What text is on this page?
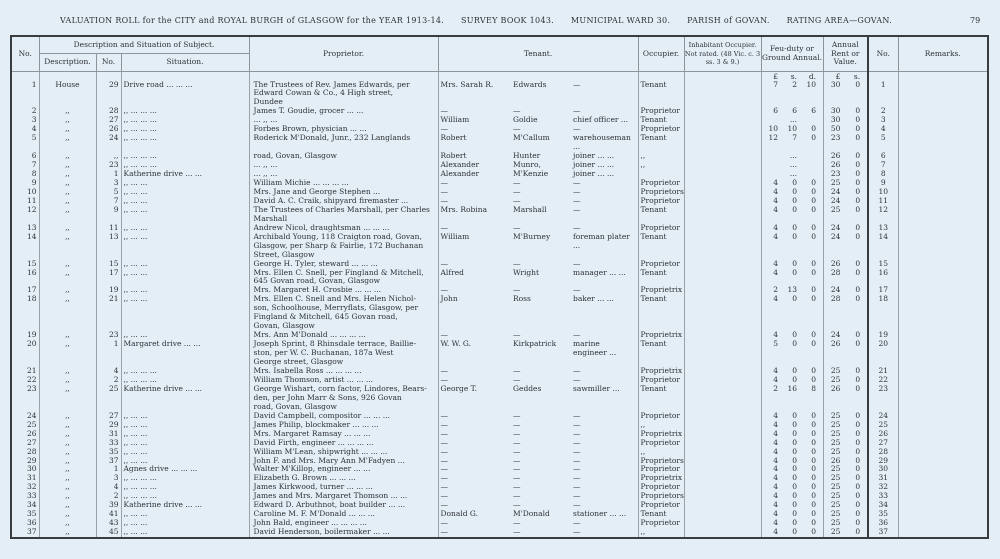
VALUATION ROLL for the CITY and ROYAL BURGH of GLASGOW for the YEAR 1913-14. SURVEY BOOK 1043. MUNICIPAL WARD 30. PARISH of GOVAN. RATING AREA—GOVAN.	79
No.	Description and Situation of Subject.			Proprietor.	Tenant.			Occupier.	Inhabitant Occupier. Not rated. (48 Vic. c. 3 ss. 3 & 9.)	Feu-duty or Ground Annual.	Annual Rent or Value.	No.	Remarks.
	Description.	No.	Situation.										

										£ s. d.	£ s.		

1	House	29	Drive road ... ... ...	The Trustees of Rev. James Edwards, per
Edward Cowan & Co., 4 High street,
Dundee	Mrs. Sarah R.	Edwards	—	Tenant		7 2 10	30 0	1	
2	,,	28	,, ... ... ...	James T. Goudie, grocer ... ...	—	—	—	Proprietor		6 6 6	30 0	2	
3	,,	27	,, ... ... ...	... ,, ...	William	Goldie	chief officer ...	Tenant		...	30 0	3	
4	,,	26	,, ... ... ...	Forbes Brown, physician ... ...	—	—	—	Proprietor		10 10 0	50 0	4	
5	,,	24	,, ... ... ...	Roderick M'Donald, Junr., 232 Langlands	Robert	M'Callum	warehouseman ...	Tenant		12 7 0	23 0	5	
6	,,	,,	,, ... ... ...	road, Govan, Glasgow	Robert	Hunter	joiner ... ...	,,		...	26 0	6	
7	,,	23	,, ... ... ...	... ,, ...	Alexander	Munro,	joiner ... ...	,,		...	26 0	7	
8	,,	1	Katherine drive ... ...	... ,, ...	Alexander	M'Kenzie	joiner ... ...			...	23 0	8	
9	,,	3	,, ... ...	William Michie ... ... ... ...	—	—	—	Proprietor		4 0 0	25 0	9	
10	,,	5	,, ... ...	Mrs. Jane and George Stephen ...	—	—	—	Proprietors		4 0 0	24 0	10	
11	,,	7	,, ... ...	David A. C. Craik, shipyard firemaster ...	—	—	—	Proprietor		4 0 0	24 0	11	
12	,,	9	,, ... ...	The Trustees of Charles Marshall, per Charles
Marshall	Mrs. Robina	Marshall	—	Tenant		4 0 0	25 0	12	
13	,,	11	,, ... ...	Andrew Nicol, draughtsman ... ... ...	—	—	—	Proprietor		4 0 0	24 0	13	
14	,,	13	,, ... ...	Archibald Young, 118 Craigton road, Govan,
Glasgow, per Sharp & Fairlie, 172 Buchanan
Street, Glasgow	William	M'Burney	foreman plater ...	Tenant		4 0 0	24 0	14	
15	,,	15	,, ... ...	George H. Tyler, steward ... ... ...	—	—	—	Proprietor		4 0 0	26 0	15	
16	,,	17	,, ... ...	Mrs. Ellen C. Snell, per Fingland & Mitchell,
645 Govan road, Govan, Glasgow	Alfred	Wright	manager ... ...	Tenant		4 0 0	28 0	16	
17	,,	19	,, ... ...	Mrs. Margaret H. Crosbie ... ... ...	—	—	—	Proprietrix		2 13 0	24 0	17	
18	,,	21	,, ... ...	Mrs. Ellen C. Snell and Mrs. Helen Nichol-
son, Schoolhouse, Merryflats, Glasgow, per
Fingland & Mitchell, 645 Govan road,
Govan, Glasgow	John	Ross	baker ... ...	Tenant		4 0 0	28 0	18	
19	,,	23	,, ... ...	Mrs. Ann M'Donald ... ... ... ...	—	—	—	Proprietrix		4 0 0	24 0	19	
20	,,	1	Margaret drive ... ...	Joseph Sprint, 8 Rhinsdale terrace, Baillie-
ston, per W. C. Buchanan, 187a West
George street, Glasgow	W. W. G.	Kirkpatrick	marine engineer ...	Tenant		5 0 0	26 0	20	
21	,,	4	,, ... ... ...	Mrs. Isabella Ross ... ... ... ...	—	—	—	Proprietrix		4 0 0	25 0	21	
22	,,	2	,, ... ... ...	William Thomson, artist ... ... ...	—	—	—	Proprietor		4 0 0	25 0	22	
23	,,	25	Katherine drive ... ...	George Wishart, corn factor, Lindores, Bears-
den, per John Marr & Sons, 926 Govan
road, Govan, Glasgow	George T.	Geddes	sawmiller ...	Tenant		2 16 8	26 0	23	
24	,,	27	,, ... ...	David Campbell, compositor ... ... ...	—	—	—	Proprietor		4 0 0	25 0	24	
25	,,	29	,, ... ...	James Philip, blockmaker ... ... ...	—	—	—	,,		4 0 0	25 0	25	
26	,,	31	,, ... ...	Mrs. Margaret Ramsay ... ... ...	—	—	—	Proprietrix		4 0 0	25 0	26	
27	,,	33	,, ... ...	David Firth, engineer ... ... ... ...	—	—	—	Proprietor		4 0 0	25 0	27	
28	,,	35	,, ... ...	William M'Lean, shipwright ... ... ...	—	—	—	,,		4 0 0	25 0	28	
29	,,	37	,, ... ...	John F. and Mrs. Mary Ann M'Fadyen ...	—	—	—	Proprietors		4 0 0	26 0	29	
30	,,	1	Agnes drive ... ... ...	Walter M'Killop, engineer ... ...	—	—	—	Proprietor		4 0 0	25 0	30	
31	,,	3	,, ... ... ...	Elizabeth G. Brown ... ... ...	—	—	—	Proprietrix		4 0 0	25 0	31	
32	,,	4	,, ... ... ...	James Kirkwood, turner ... ... ...	—	—	—	Proprietor		4 0 0	25 0	32	
33	,,	2	,, ... ... ...	James and Mrs. Margaret Thomson ... ...	—	—	—	Proprietors		4 0 0	25 0	33	
34	,,	39	Katherine drive ... ...	Edward D. Arbuthnot, boat builder ... ...	—	—	—	Proprietor		4 0 0	25 0	34	
35	,,	41	,, ... ...	Caroline M. F. M'Donald ... ... ...	Donald G.	M'Donald	stationer ... ...	Tenant		4 0 0	25 0	35	
36	,,	43	,, ... ...	John Bald, engineer ... ... ... ...	—	—	—	Proprietor		4 0 0	25 0	36	
37	,,	45	,, ... ...	David Henderson, boilermaker ... ...	—	—	—	,,		4 0 0	25 0	37	
